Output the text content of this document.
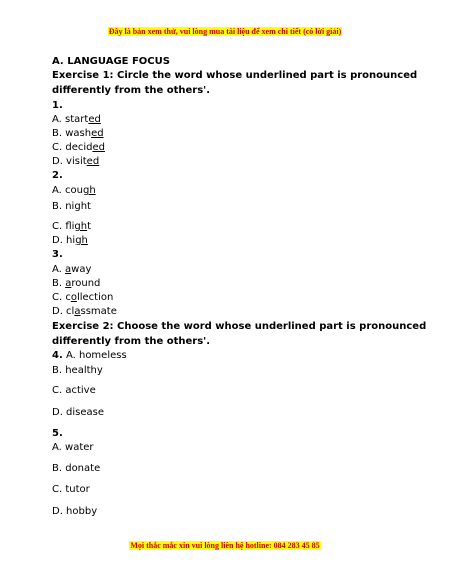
Đây là bản xem thử, vui lòng mua tài liệu để xem chi tiết (có lời giải)
A. LANGUAGE FOCUS
Exercise 1: Circle the word whose underlined part is pronounced
differently from the others'.
1.
A. started
B. washed
C. decided
D. visited
2.
A. cough
B. night
C. flight
D. high
3.
A. away
B. around
C. collection
D. classmate
Exercise 2: Choose the word whose underlined part is pronounced
differently from the others'.
4. A. homeless
B. healthy
C. active
D. disease
5.
A. water
B. donate
C. tutor
D. hobby
Mọi thắc mắc xin vui lòng liên hệ hotline: 084 283 45 85
